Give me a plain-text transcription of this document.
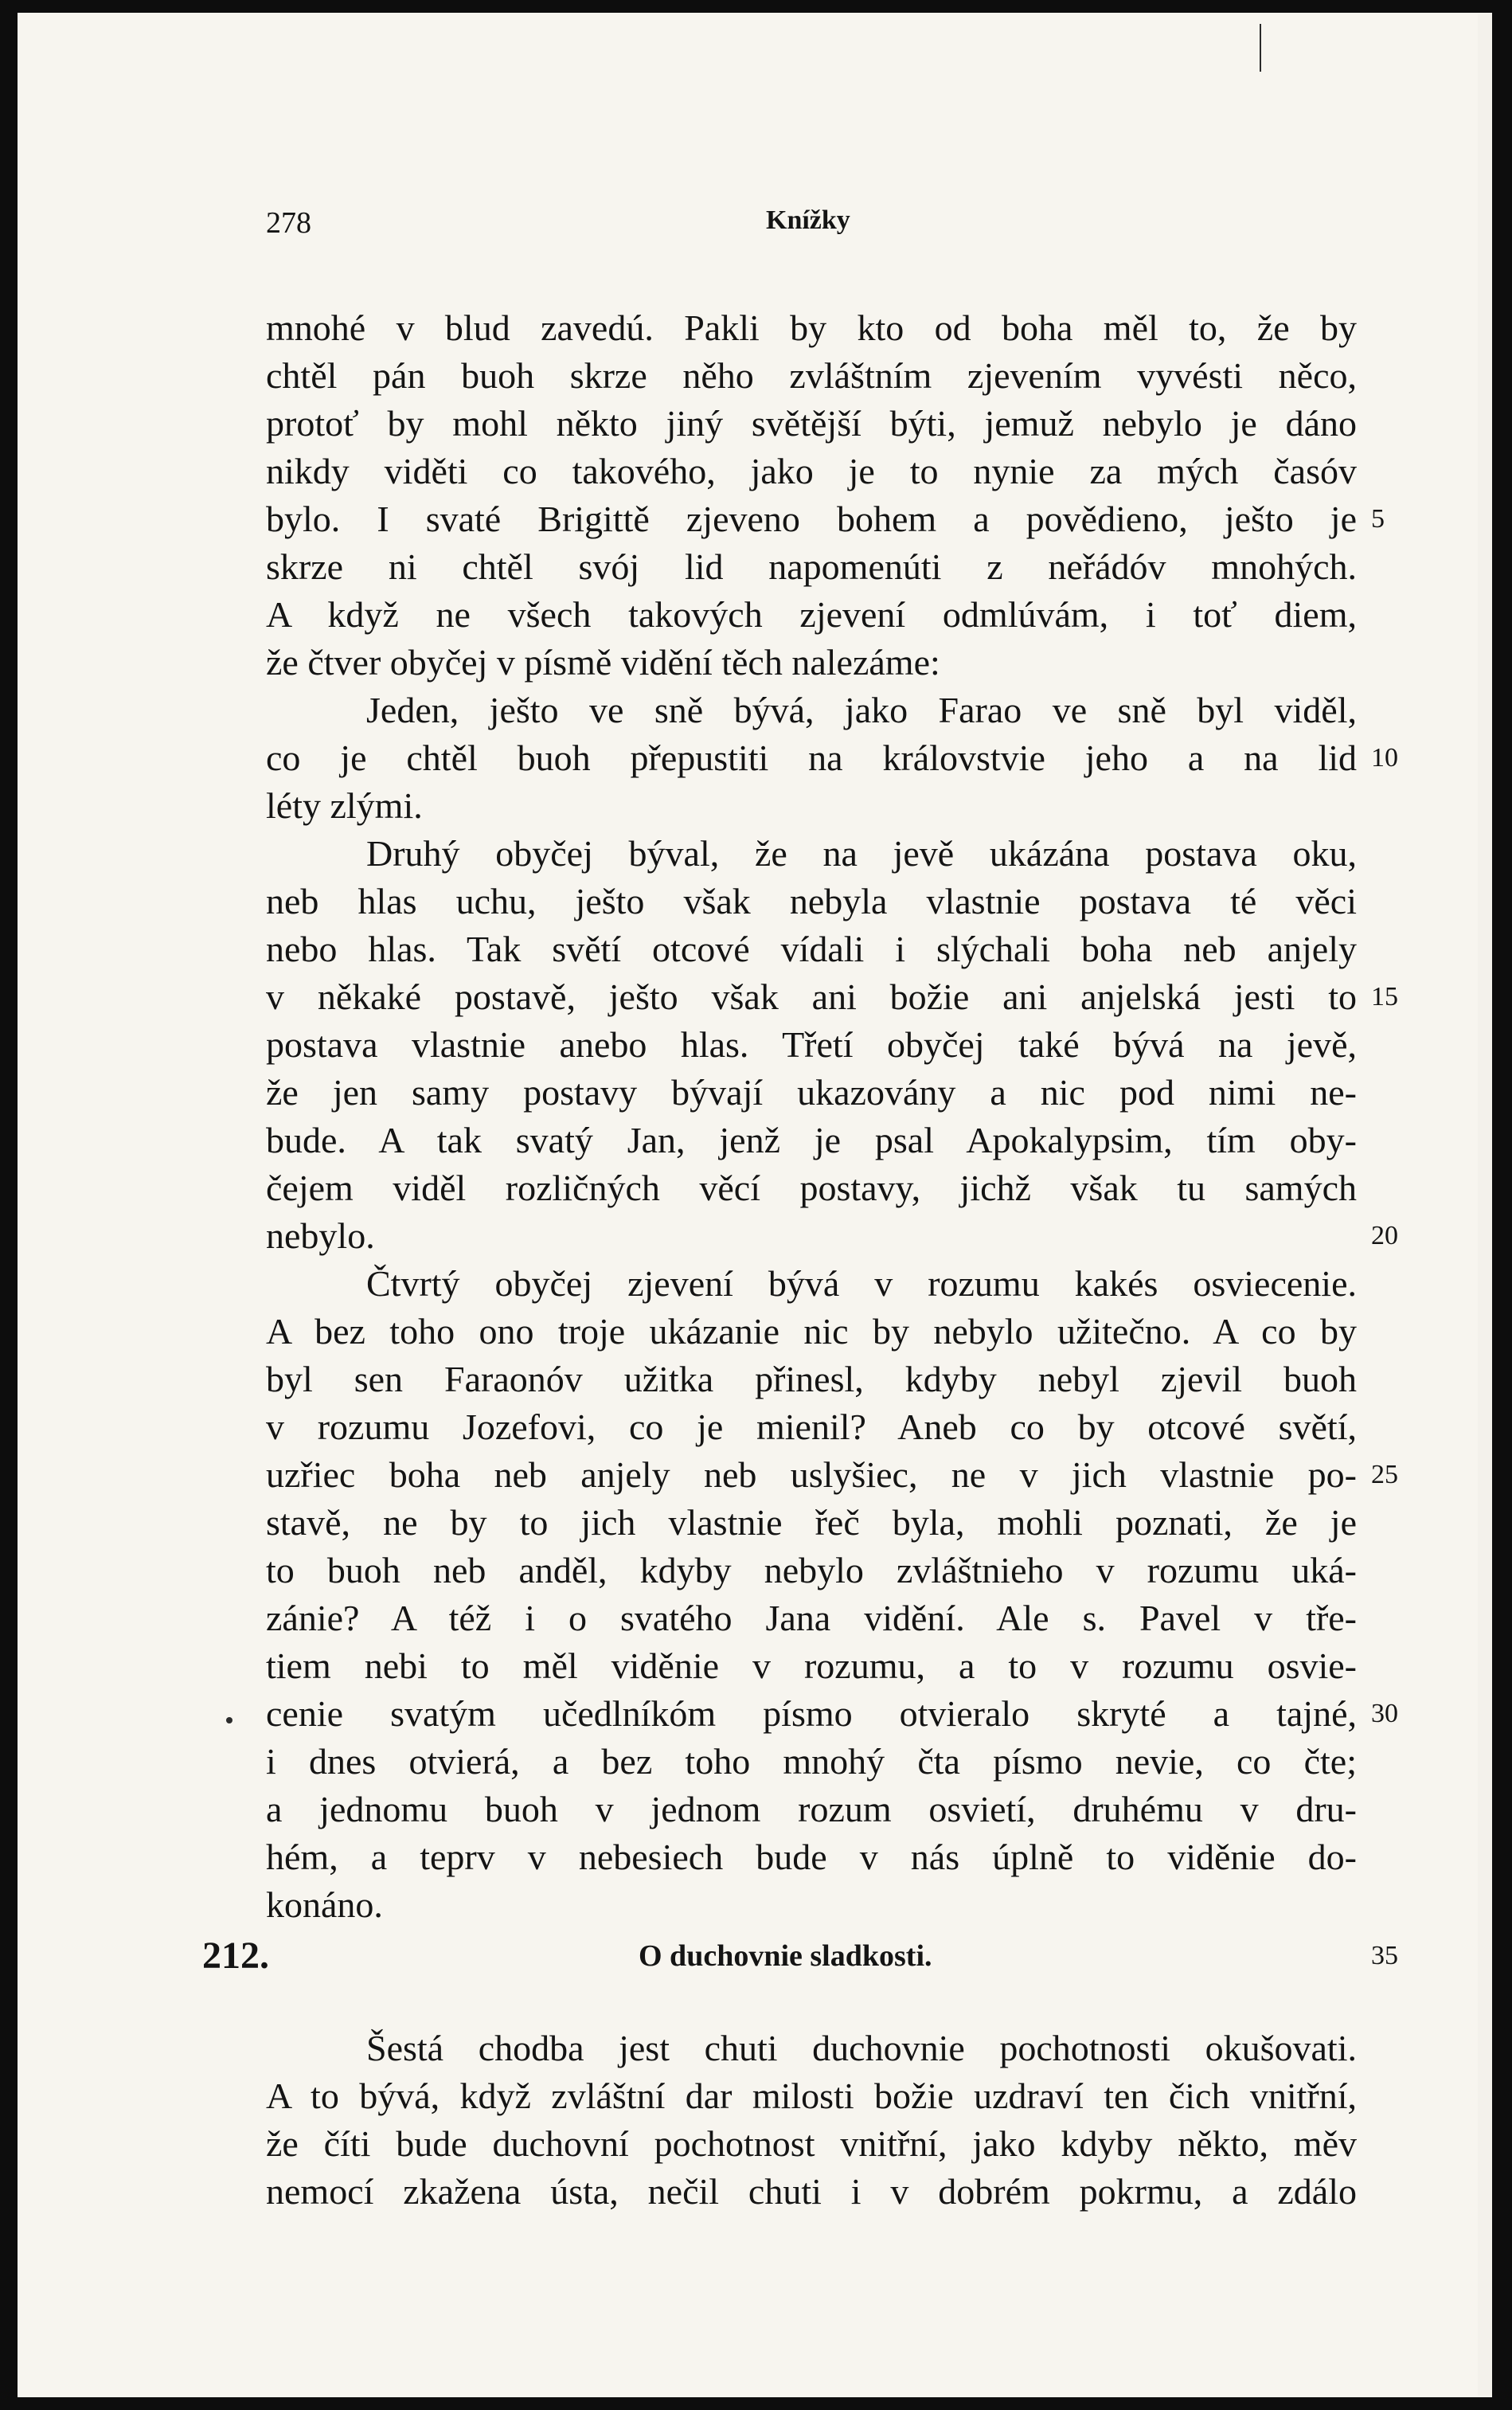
278	Knížky
mnohé v blud zavedú. Pakli by kto od boha měl to, že by
chtěl pán buoh skrze něho zvláštním zjevením vyvésti něco,
protoť by mohl někto jiný světější býti, jemuž nebylo je dáno
nikdy viděti co takového, jako je to nynie za mých časóv
bylo. I svaté Brigittě zjeveno bohem a povědieno, ješto je
skrze ni chtěl svój lid napomenúti z neřádóv mnohých.
A když ne všech takových zjevení odmlúvám, i toť diem,
že čtver obyčej v písmě vidění těch nalezáme:
Jeden, ješto ve sně bývá, jako Farao ve sně byl viděl,
co je chtěl buoh přepustiti na královstvie jeho a na lid
léty zlými.
Druhý obyčej býval, že na jevě ukázána postava oku,
neb hlas uchu, ješto však nebyla vlastnie postava té věci
nebo hlas. Tak světí otcové vídali i slýchali boha neb anjely
v někaké postavě, ješto však ani božie ani anjelská jesti to
postava vlastnie anebo hlas. Třetí obyčej také bývá na jevě,
že jen samy postavy bývají ukazovány a nic pod nimi ne-
bude. A tak svatý Jan, jenž je psal Apokalypsim, tím oby-
čejem viděl rozličných věcí postavy, jichž však tu samých
nebylo.
Čtvrtý obyčej zjevení bývá v rozumu kakés osviecenie.
A bez toho ono troje ukázanie nic by nebylo užitečno. A co by
byl sen Faraonóv užitka přinesl, kdyby nebyl zjevil buoh
v rozumu Jozefovi, co je mienil? Aneb co by otcové světí,
uzřiec boha neb anjely neb uslyšiec, ne v jich vlastnie po-
stavě, ne by to jich vlastnie řeč byla, mohli poznati, že je
to buoh neb anděl, kdyby nebylo zvláštnieho v rozumu uká-
zánie? A též i o svatého Jana vidění. Ale s. Pavel v tře-
tiem nebi to měl viděnie v rozumu, a to v rozumu osvie-
cenie svatým učedlníkóm písmo otvieralo skryté a tajné,
i dnes otvierá, a bez toho mnohý čta písmo nevie, co čte;
a jednomu buoh v jednom rozum osvietí, druhému v dru-
hém, a teprv v nebesiech bude v nás úplně to viděnie do-
konáno.
212.	O duchovnie sladkosti.
Šestá chodba jest chuti duchovnie pochotnosti okušovati.
A to bývá, když zvláštní dar milosti božie uzdraví ten čich vnitřní,
že číti bude duchovní pochotnost vnitřní, jako kdyby někto, měv
nemocí zkažena ústa, nečil chuti i v dobrém pokrmu, a zdálo
5
10
15
20
25
30
35
